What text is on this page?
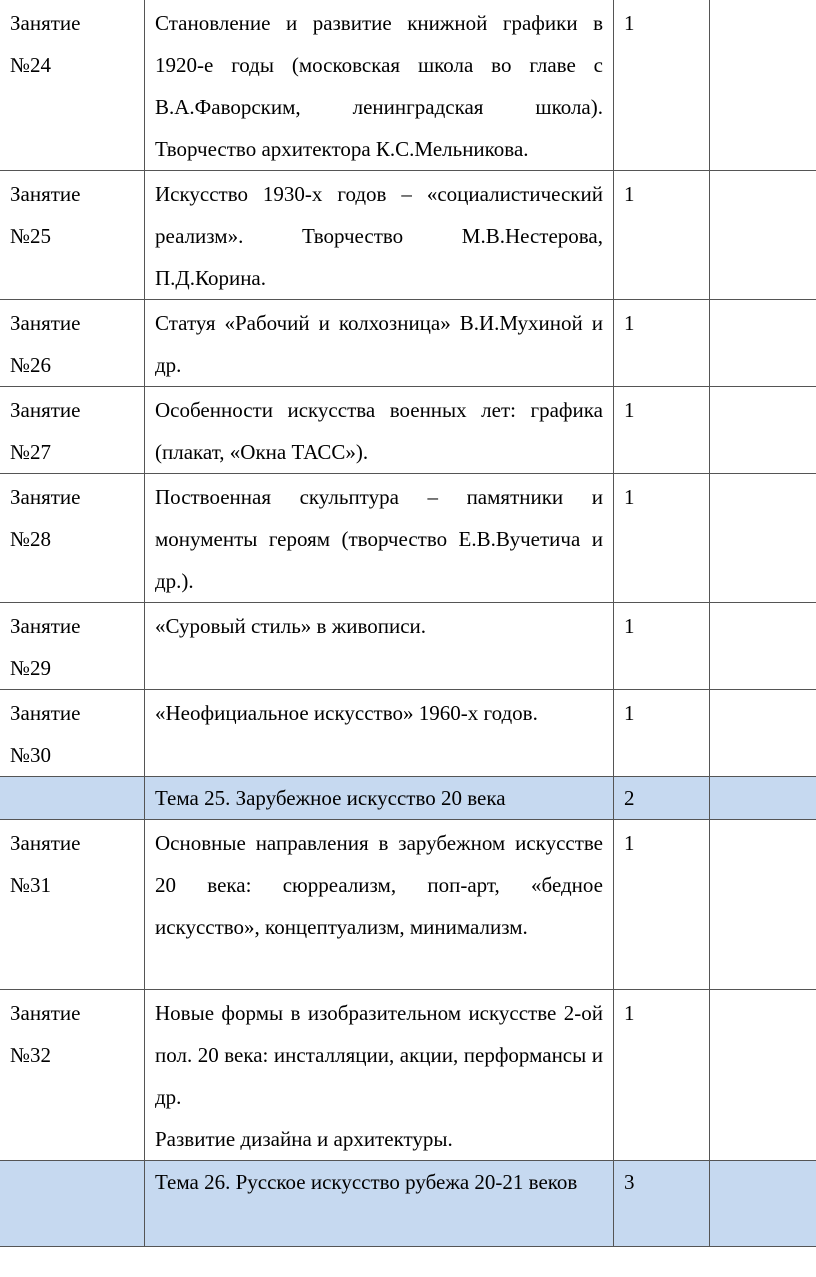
Занятие
№24	Становление и развитие книжной графики в 1920-е годы (московская школа во главе с В.А.Фаворским, ленинградская школа). Творчество архитектора К.С.Мельникова.	1	
Занятие
№25	Искусство 1930-х годов – «социалистический реализм». Творчество М.В.Нестерова, П.Д.Корина.	1	
Занятие
№26	Статуя «Рабочий и колхозница» В.И.Мухиной и др.	1	
Занятие
№27	Особенности искусства военных лет: графика (плакат, «Окна ТАСС»).	1	
Занятие
№28	Поствоенная скульптура – памятники и монументы героям (творчество Е.В.Вучетича и др.).	1	
Занятие
№29	«Суровый стиль» в живописи.	1	
Занятие
№30	«Неофициальное искусство» 1960-х годов.	1	
	Тема 25. Зарубежное искусство 20 века	2	
Занятие
№31	Основные направления в зарубежном искусстве 20 века: сюрреализм, поп-арт, «бедное искусство», концептуализм, минимализм.	1	
Занятие
№32	Новые формы в изобразительном искусстве 2-ой пол. 20 века: инсталляции, акции, перформансы и др.
Развитие дизайна и архитектуры.	1	
	Тема 26. Русское искусство рубежа 20-21 веков	3	
